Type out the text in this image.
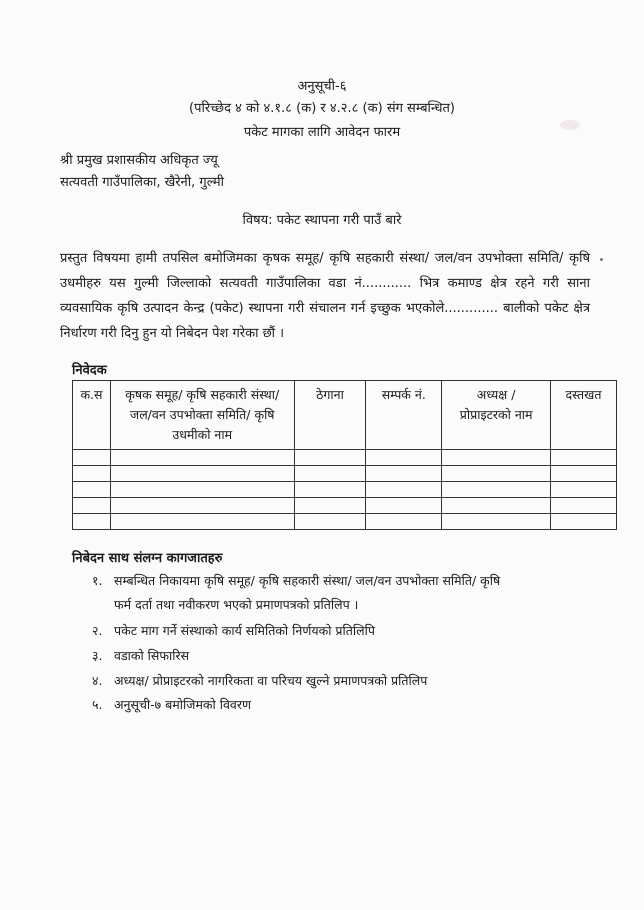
अनुसूची-६
(परिच्छेद ४ को ४.१.८ (क) र ४.२.८ (क) संग सम्बन्धित)
पकेट मागका लागि आवेदन फारम
श्री प्रमुख प्रशासकीय अधिकृत ज्यू
सत्यवती गाउँपालिका, खैरेनी, गुल्मी
विषय: पकेट स्थापना गरी पाउँ बारे

प्रस्तुत विषयमा हामी तपसिल बमोजिमका कृषक समूह/ कृषि सहकारी संस्था/ जल/वन उपभोक्ता समिति/ कृषि उधमीहरु यस गुल्मी जिल्लाको सत्यवती गाउँपालिका वडा नं............ भित्र कमाण्ड क्षेत्र रहने गरी साना व्यवसायिक कृषि उत्पादन केन्द्र (पकेट) स्थापना गरी संचालन गर्न इच्छुक भएकोले............. बालीको पकेट क्षेत्र निर्धारण गरी दिनु हुन यो निबेदन पेश गरेका छौं ।

निवेदक
क.स	कृषक समूह/ कृषि सहकारी संस्था/ जल/वन उपभोक्ता समिति/ कृषि उधमीको नाम	ठेगाना	सम्पर्क नं.	अध्यक्ष / प्रोप्राइटरको नाम	दस्तखत

निबेदन साथ संलग्न कागजातहरु
१. सम्बन्धित निकायमा कृषि समूह/ कृषि सहकारी संस्था/ जल/वन उपभोक्ता समिति/ कृषि
फर्म दर्ता तथा नवीकरण भएको प्रमाणपत्रको प्रतिलिप ।
२. पकेट माग गर्ने संस्थाको कार्य समितिको निर्णयको प्रतिलिपि
३. वडाको सिफारिस
४. अध्यक्ष/ प्रोप्राइटरको नागरिकता वा परिचय खुल्ने प्रमाणपत्रको प्रतिलिप
५. अनुसूची-७ बमोजिमको विवरण
